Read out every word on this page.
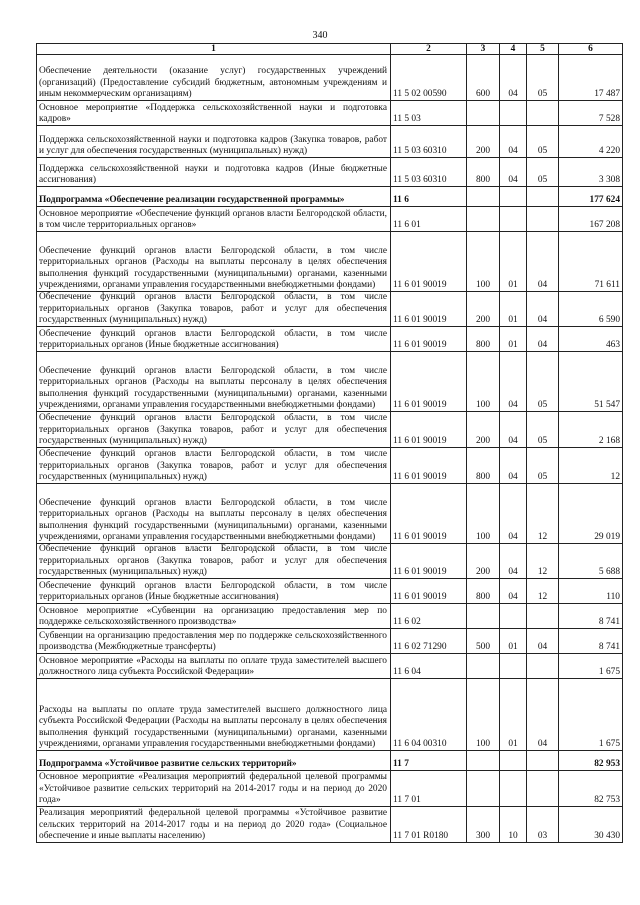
340
1	2	3	4	5	6
Обеспечение деятельности (оказание услуг) государственных учреждений (организаций) (Предоставление субсидий бюджетным, автономным учреждениям и иным некоммерческим организациям)	11 5 02 00590	600	04	05	17 487
Основное мероприятие «Поддержка сельскохозяйственной науки и подготовка кадров»	11 5 03				7 528
Поддержка сельскохозяйственной науки и подготовка кадров (Закупка товаров, работ и услуг для обеспечения государственных (муниципальных) нужд)	11 5 03 60310	200	04	05	4 220
Поддержка сельскохозяйственной науки и подготовка кадров (Иные бюджетные ассигнования)	11 5 03 60310	800	04	05	3 308
Подпрограмма «Обеспечение реализации государственной программы»	11 6				177 624
Основное мероприятие «Обеспечение функций органов власти Белгородской области, в том числе территориальных органов»	11 6 01				167 208
Обеспечение функций органов власти Белгородской области, в том числе территориальных органов (Расходы на выплаты персоналу в целях обеспечения выполнения функций государственными (муниципальными) органами, казенными учреждениями, органами управления государственными внебюджетными фондами)	11 6 01 90019	100	01	04	71 611
Обеспечение функций органов власти Белгородской области, в том числе территориальных органов (Закупка товаров, работ и услуг для обеспечения государственных (муниципальных) нужд)	11 6 01 90019	200	01	04	6 590
Обеспечение функций органов власти Белгородской области, в том числе территориальных органов (Иные бюджетные ассигнования)	11 6 01 90019	800	01	04	463
Обеспечение функций органов власти Белгородской области, в том числе территориальных органов (Расходы на выплаты персоналу в целях обеспечения выполнения функций государственными (муниципальными) органами, казенными учреждениями, органами управления государственными внебюджетными фондами)	11 6 01 90019	100	04	05	51 547
Обеспечение функций органов власти Белгородской области, в том числе территориальных органов (Закупка товаров, работ и услуг для обеспечения государственных (муниципальных) нужд)	11 6 01 90019	200	04	05	2 168
Обеспечение функций органов власти Белгородской области, в том числе территориальных органов (Закупка товаров, работ и услуг для обеспечения государственных (муниципальных) нужд)	11 6 01 90019	800	04	05	12
Обеспечение функций органов власти Белгородской области, в том числе территориальных органов (Расходы на выплаты персоналу в целях обеспечения выполнения функций государственными (муниципальными) органами, казенными учреждениями, органами управления государственными внебюджетными фондами)	11 6 01 90019	100	04	12	29 019
Обеспечение функций органов власти Белгородской области, в том числе территориальных органов (Закупка товаров, работ и услуг для обеспечения государственных (муниципальных) нужд)	11 6 01 90019	200	04	12	5 688
Обеспечение функций органов власти Белгородской области, в том числе территориальных органов (Иные бюджетные ассигнования)	11 6 01 90019	800	04	12	110
Основное мероприятие «Субвенции на организацию предоставления мер по поддержке сельскохозяйственного производства»	11 6 02				8 741
Субвенции на организацию предоставления мер по поддержке сельскохозяйственного производства (Межбюджетные трансферты)	11 6 02 71290	500	01	04	8 741
Основное мероприятие «Расходы на выплаты по оплате труда заместителей высшего должностного лица субъекта Российской Федерации»	11 6 04				1 675
Расходы на выплаты по оплате труда заместителей высшего должностного лица субъекта Российской Федерации (Расходы на выплаты персоналу в целях обеспечения выполнения функций государственными (муниципальными) органами, казенными учреждениями, органами управления государственными внебюджетными фондами)	11 6 04 00310	100	01	04	1 675
Подпрограмма «Устойчивое развитие сельских территорий»	11 7				82 953
Основное мероприятие «Реализация мероприятий федеральной целевой программы «Устойчивое развитие сельских территорий на 2014-2017 годы и на период до 2020 года»	11 7 01				82 753
Реализация мероприятий федеральной целевой программы «Устойчивое развитие сельских территорий на 2014-2017 годы и на период до 2020 года» (Социальное обеспечение и иные выплаты населению)	11 7 01 R0180	300	10	03	30 430
